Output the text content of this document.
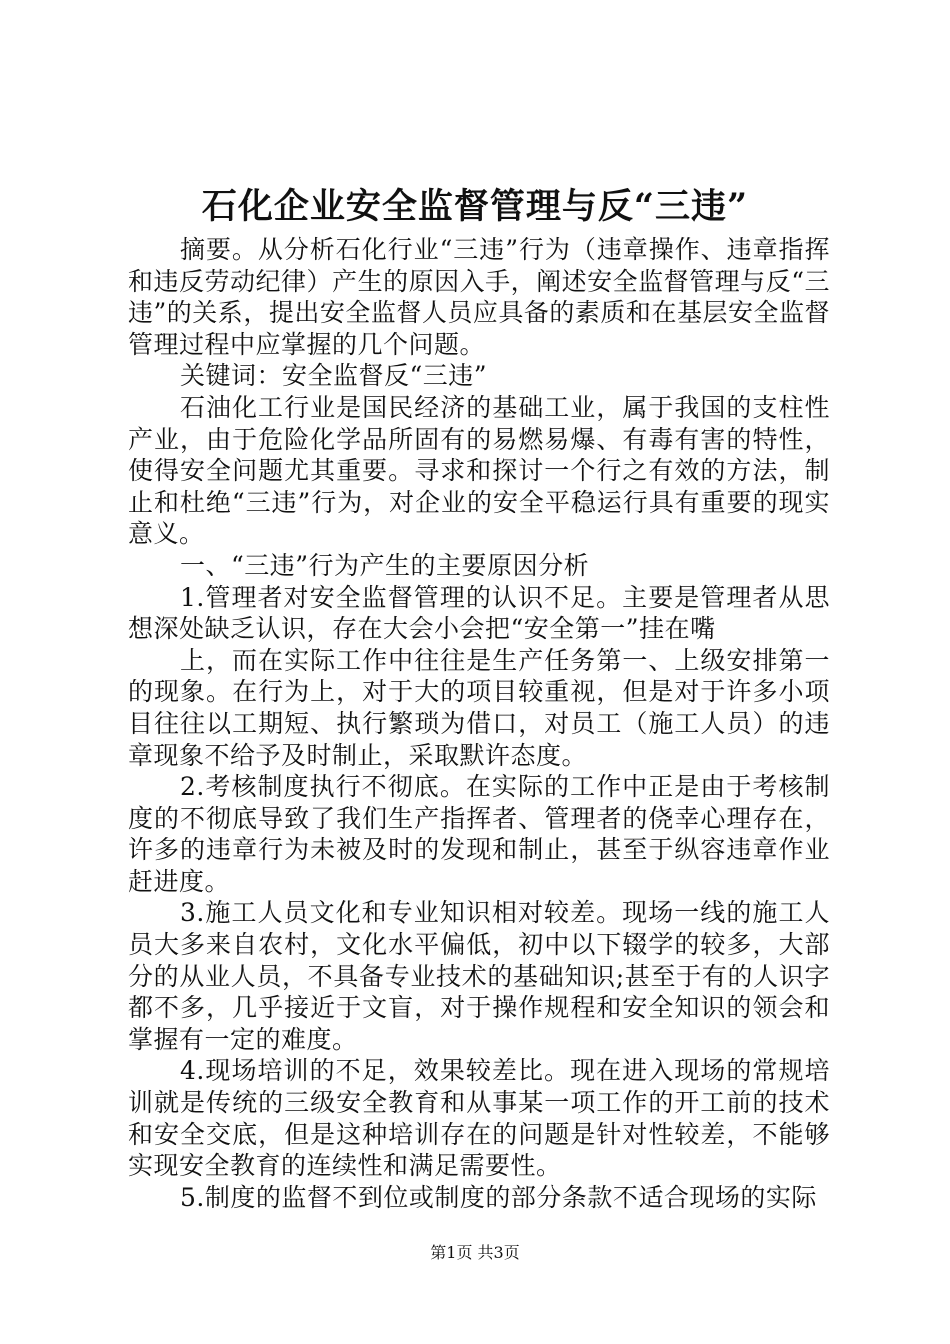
石化企业安全监督管理与反“三违”

摘要。从分析石化行业“三违”行为（违章操作、违章指挥和违反劳动纪律）产生的原因入手，阐述安全监督管理与反“三违”的关系，提出安全监督人员应具备的素质和在基层安全监督管理过程中应掌握的几个问题。

关键词：安全监督反“三违”

石油化工行业是国民经济的基础工业，属于我国的支柱性产业，由于危险化学品所固有的易燃易爆、有毒有害的特性，使得安全问题尤其重要。寻求和探讨一个行之有效的方法，制止和杜绝“三违”行为，对企业的安全平稳运行具有重要的现实意义。

一、“三违”行为产生的主要原因分析

1.管理者对安全监督管理的认识不足。主要是管理者从思想深处缺乏认识，存在大会小会把“安全第一”挂在嘴

上，而在实际工作中往往是生产任务第一、上级安排第一的现象。在行为上，对于大的项目较重视，但是对于许多小项目往往以工期短、执行繁琐为借口，对员工（施工人员）的违章现象不给予及时制止，采取默许态度。

2.考核制度执行不彻底。在实际的工作中正是由于考核制度的不彻底导致了我们生产指挥者、管理者的侥幸心理存在，许多的违章行为未被及时的发现和制止，甚至于纵容违章作业赶进度。

3.施工人员文化和专业知识相对较差。现场一线的施工人员大多来自农村，文化水平偏低，初中以下辍学的较多，大部分的从业人员，不具备专业技术的基础知识;甚至于有的人识字都不多，几乎接近于文盲，对于操作规程和安全知识的领会和掌握有一定的难度。

4.现场培训的不足，效果较差比。现在进入现场的常规培训就是传统的三级安全教育和从事某一项工作的开工前的技术和安全交底，但是这种培训存在的问题是针对性较差，不能够实现安全教育的连续性和满足需要性。

5.制度的监督不到位或制度的部分条款不适合现场的实际

第1页 共3页
